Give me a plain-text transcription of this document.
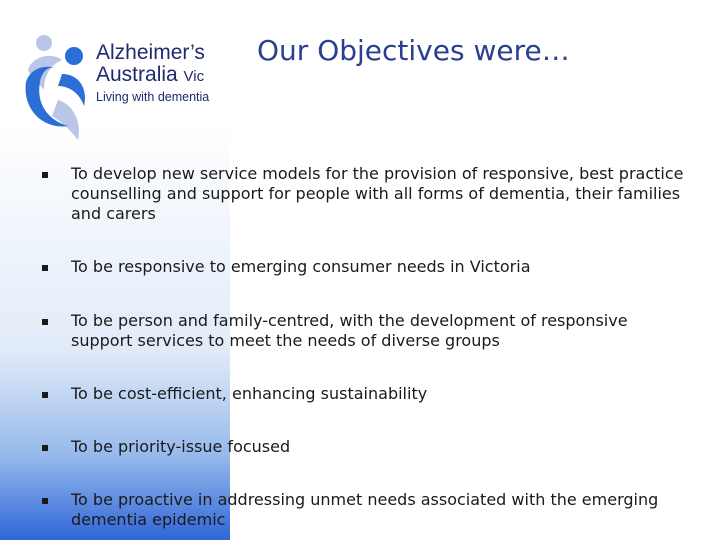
Alzheimer’s
Australia Vic
Living with dementia
Our Objectives were…
To develop new service models for the provision of responsive, best practice counselling and support for people with all forms of dementia, their families and carers
To be responsive to emerging consumer needs in Victoria
To be person and family-centred, with the development of responsive support services to meet the needs of diverse groups
To be cost-efficient, enhancing sustainability
To be priority-issue focused
To be proactive in addressing unmet needs associated with the emerging dementia epidemic
